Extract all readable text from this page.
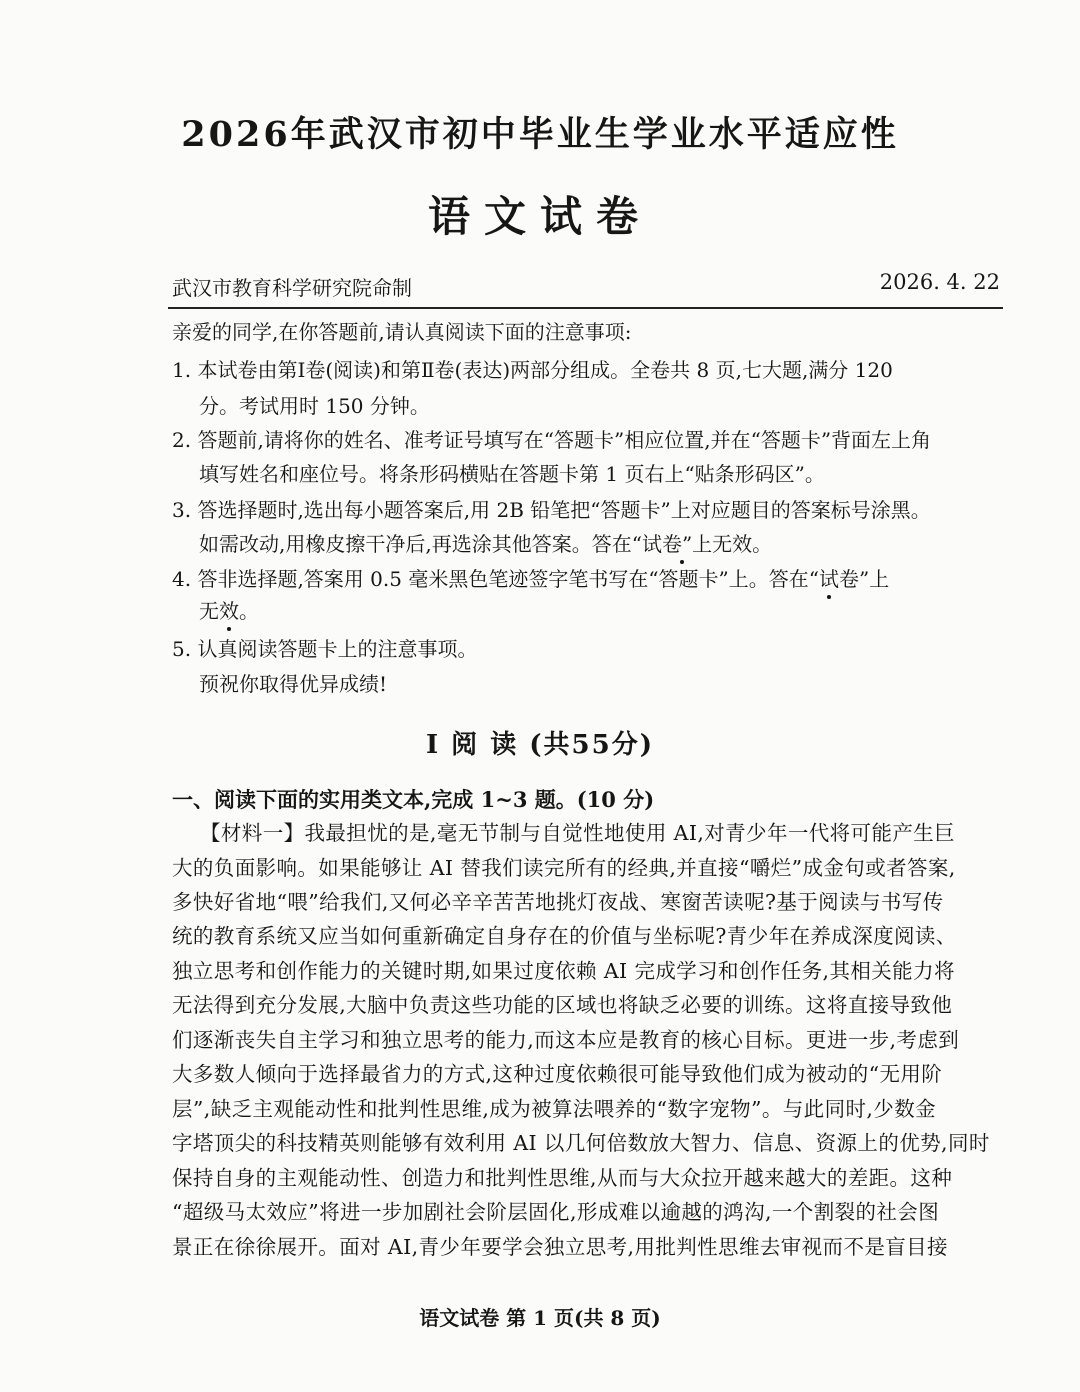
2026年武汉市初中毕业生学业水平适应性
语文试卷
武汉市教育科学研究院命制	2026. 4. 22
亲爱的同学,在你答题前,请认真阅读下面的注意事项:
1. 本试卷由第Ⅰ卷(阅读)和第Ⅱ卷(表达)两部分组成。全卷共 8 页,七大题,满分 120
分。考试用时 150 分钟。
2. 答题前,请将你的姓名、准考证号填写在“答题卡”相应位置,并在“答题卡”背面左上角
填写姓名和座位号。将条形码横贴在答题卡第 1 页右上“贴条形码区”。
3. 答选择题时,选出每小题答案后,用 2B 铅笔把“答题卡”上对应题目的答案标号涂黑。
如需改动,用橡皮擦干净后,再选涂其他答案。答在“试卷”上无效。
4. 答非选择题,答案用 0.5 毫米黑色笔迹签字笔书写在“答题卡”上。答在“试卷”上
无效。
5. 认真阅读答题卡上的注意事项。
预祝你取得优异成绩!
Ⅰ 阅 读 (共55分)
一、阅读下面的实用类文本,完成 1~3 题。(10 分)
【材料一】我最担忧的是,毫无节制与自觉性地使用 AI,对青少年一代将可能产生巨
大的负面影响。如果能够让 AI 替我们读完所有的经典,并直接“嚼烂”成金句或者答案,
多快好省地“喂”给我们,又何必辛辛苦苦地挑灯夜战、寒窗苦读呢?基于阅读与书写传
统的教育系统又应当如何重新确定自身存在的价值与坐标呢?青少年在养成深度阅读、
独立思考和创作能力的关键时期,如果过度依赖 AI 完成学习和创作任务,其相关能力将
无法得到充分发展,大脑中负责这些功能的区域也将缺乏必要的训练。这将直接导致他
们逐渐丧失自主学习和独立思考的能力,而这本应是教育的核心目标。更进一步,考虑到
大多数人倾向于选择最省力的方式,这种过度依赖很可能导致他们成为被动的“无用阶
层”,缺乏主观能动性和批判性思维,成为被算法喂养的“数字宠物”。与此同时,少数金
字塔顶尖的科技精英则能够有效利用 AI 以几何倍数放大智力、信息、资源上的优势,同时
保持自身的主观能动性、创造力和批判性思维,从而与大众拉开越来越大的差距。这种
“超级马太效应”将进一步加剧社会阶层固化,形成难以逾越的鸿沟,一个割裂的社会图
景正在徐徐展开。面对 AI,青少年要学会独立思考,用批判性思维去审视而不是盲目接
语文试卷 第 1 页(共 8 页)
